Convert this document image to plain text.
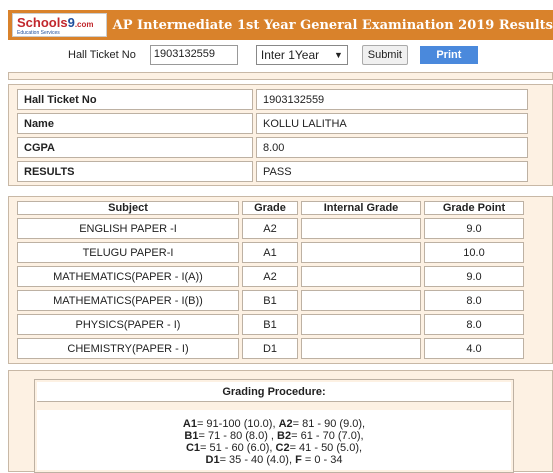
Schools9.com
Education Services
AP Intermediate 1st Year General Examination 2019 Results
Hall Ticket No	1903132559	Inter 1Year ▼	Submit	Print
Hall Ticket No	1903132559
Name	KOLLU LALITHA
CGPA	8.00
RESULTS	PASS
Subject	Grade	Internal Grade	Grade Point
ENGLISH PAPER -I	A2		9.0
TELUGU PAPER-I	A1		10.0
MATHEMATICS(PAPER - I(A))	A2		9.0
MATHEMATICS(PAPER - I(B))	B1		8.0
PHYSICS(PAPER - I)	B1		8.0
CHEMISTRY(PAPER - I)	D1		4.0
Grading Procedure:
A1= 91-100 (10.0), A2= 81 - 90 (9.0),
B1= 71 - 80 (8.0) , B2= 61 - 70 (7.0),
C1= 51 - 60 (6.0), C2= 41 - 50 (5.0),
D1= 35 - 40 (4.0), F = 0 - 34
